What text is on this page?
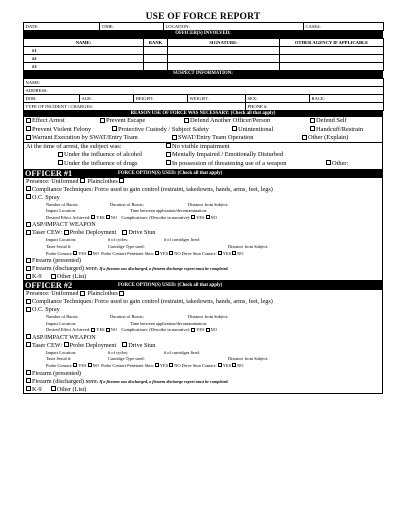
USE OF FORCE REPORT
DATE:	TIME:	LOCATION:	CASE#:
OFFICER(S) INVOLVED:
NAME:	RANK	SIGNATURE:	OTHER AGENCY IF APPLICABLE
#1			
#2			
#3			
SUSPECT INFORMATION:
NAME:					
ADDRESS:					
DOB:	AGE:	HEIGHT:	WEIGHT:	SEX:	RACE:
TYPE OF INCIDENT / CHARGES:				PHONE #:	
REASON USE OF FORCE WAS NECESSARY: (Check all that apply)
Effect Arrest	Prevent Escape	Defend Another Officer/Person	Defend Self
Prevent Violent Felony	Protective Custody / Subject Safety	Unintentional	Handcuff/Restrain
Warrant Execution by SWAT/Entry Team	SWAT/Entry Team Operation	Other (Explain)
At the time of arrest, the subject was:	No visible impairment
Under the influence of alcohol	Mentally Impaired / Emotionally Disturbed
Under the influence of drugs	In possession of threatening use of a weapon	Other:
OFFICER #1	FORCE OPTION(S) USED: (Check all that apply)
Presence: Uniformed Plainclothes
Compliance Techniques: Force used to gain control (restraint, takedowns, hands, arms, feet, legs)
O.C. Spray
Number of Bursts:	Duration of Bursts:	Distance from Subject:
Impact Location:	Time between application/decontamination:
Desired Effect Achieved: YES NO Complications: (Describe in narrative): YES NO
ASP/IMPACT WEAPON
Taser CEW: Probe Deployment Drive Stun
Impact Location:	# of cycles:	# of cartridges fired:
Taser Serial #:	Cartridge Type used:	Distance from Subject:
Probe Contact: YES NO Probe Contact Penetrate Skin: YES NO Drive Stun Contact: YES NO
Firearm (presented)
Firearm (discharged) NOTE: If a firearm was discharged, a firearm discharge report must be completed.
K-9 Other (List)
OFFICER #2	FORCE OPTION(S) USED: (Check all that apply)
Presence: Uniformed Plainclothes
Compliance Techniques: Force used to gain control (restraint, takedowns, hands, arms, feet, legs)
O.C. Spray
Number of Bursts:	Duration of Bursts:	Distance from Subject:
Impact Location:	Time between application/decontamination:
Desired Effect Achieved: YES NO Complications: (Describe in narrative): YES NO
ASP/IMPACT WEAPON
Taser CEW: Probe Deployment Drive Stun
Impact Location:	# of cycles:	# of cartridges fired:
Taser Serial #:	Cartridge Type used:	Distance from Subject:
Probe Contact: YES NO Probe Contact Penetrate Skin: YES NO Drive Stun Contact: YES NO
Firearm (presented)
Firearm (discharged) NOTE: If a firearm was discharged, a firearm discharge report must be completed.
K-9 Other (List)
